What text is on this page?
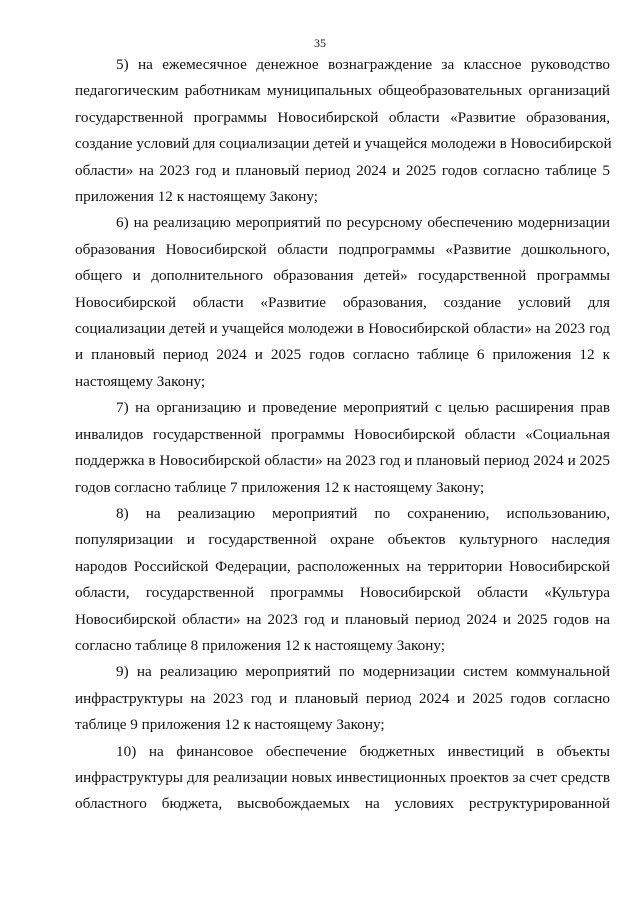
35
5) на ежемесячное денежное вознаграждение за классное руководство
педагогическим работникам муниципальных общеобразовательных организаций
государственной программы Новосибирской области «Развитие образования,
создание условий для социализации детей и учащейся молодежи в Новосибирской
области» на 2023 год и плановый период 2024 и 2025 годов согласно таблице 5
приложения 12 к настоящему Закону;
6) на реализацию мероприятий по ресурсному обеспечению модернизации
образования Новосибирской области подпрограммы «Развитие дошкольного,
общего и дополнительного образования детей» государственной программы
Новосибирской области «Развитие образования, создание условий для
социализации детей и учащейся молодежи в Новосибирской области» на 2023 год
и плановый период 2024 и 2025 годов согласно таблице 6 приложения 12 к
настоящему Закону;
7) на организацию и проведение мероприятий с целью расширения прав
инвалидов государственной программы Новосибирской области «Социальная
поддержка в Новосибирской области» на 2023 год и плановый период 2024 и 2025
годов согласно таблице 7 приложения 12 к настоящему Закону;
8) на реализацию мероприятий по сохранению, использованию,
популяризации и государственной охране объектов культурного наследия
народов Российской Федерации, расположенных на территории Новосибирской
области, государственной программы Новосибирской области «Культура
Новосибирской области» на 2023 год и плановый период 2024 и 2025 годов на
согласно таблице 8 приложения 12 к настоящему Закону;
9) на реализацию мероприятий по модернизации систем коммунальной
инфраструктуры на 2023 год и плановый период 2024 и 2025 годов согласно
таблице 9 приложения 12 к настоящему Закону;
10) на финансовое обеспечение бюджетных инвестиций в объекты
инфраструктуры для реализации новых инвестиционных проектов за счет средств
областного бюджета, высвобождаемых на условиях реструктурированной
